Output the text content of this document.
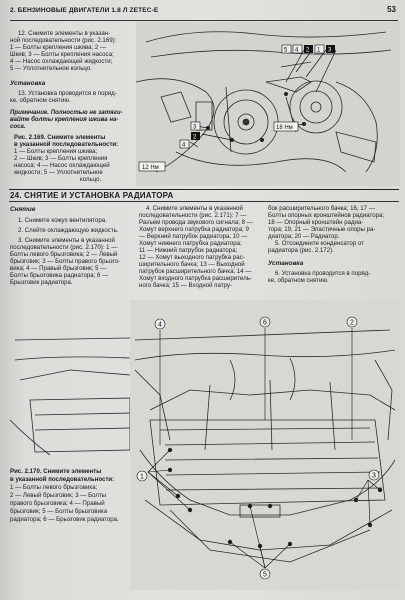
2. БЕНЗИНОВЫЕ ДВИГАТЕЛИ 1.8 Л ZETEC-E	53
12. Снимите элементы в указан-
ной последовательности (рис. 2.169):
1 — Болты крепления шкива; 2 —
Шкив; 3 — Болты крепления насоса;
4 — Насос охлаждающей жидкости;
5 — Уплотнительное кольцо.
Установка
13. Установка проводится в поряд-
ке, обратном снятию.
Примечание. Полностью не затяги-
вайте болты крепления шкива на-
coca.
Рис. 2.169. Снимите элементы
в указанной последовательности:
1 — Болты крепления шкива;
2 — Шкив; 3 — Болты крепления
насоса; 4 — Насос охлаждающей
жидкости; 5 — Уплотнительное
кольцо.
5 4 2 1 3
3
2
4
12 Нм
18 Нм
24. СНЯТИЕ И УСТАНОВКА РАДИАТОРА
Снятие
1. Снимите кожух вентилятора.
2. Слейте охлаждающую жидкость.
3. Снимите элементы в указанной
последовательности (рис. 2.170): 1 —
Болты левого брызговика; 2 — Левый
брызговик; 3 — Болты правого брызго-
вика; 4 — Правый брызговик; 5 —
Болты брызговика радиатора; 6 —
Брызговик радиатора.
4. Снимите элементы в указанной
последовательности (рис. 2.171): 7 —
Разъем провода звукового сигнала; 8 —
Хомут верхнего патрубка радиатора; 9
— Верхний патрубок радиатора; 10 —
Хомут нижнего патрубка радиатора;
11 — Нижний патрубок радиатора;
12 — Хомут выходного патрубка рас-
ширительного бачка; 13 — Выходной
патрубок расширительного бачка; 14 —
Хомут входного патрубка расширитель-
ного бачка; 15 — Входной патру-
бок расширительного бачка; 16, 17 —
Болты опорных кронштейнов радиатора;
18 — Опорный кронштейн радиа-
тора; 19, 21 — Эластичные опоры ра-
диатора; 20 — Радиатор.
5. Отсоедините конденсатор от
радиатора (рис. 2.172).
Установка
6. Установка проводится в поряд-
ке, обратном снятию.
4	6	2
1
5
3
Рис. 2.170. Снимите элементы
в указанной последовательности:
1 — Болты левого брызговика;
2 — Левый брызговик; 3 — Болты
правого брызговика; 4 — Правый
брызговик; 5 — Болты брызговика
радиатора; 6 — Брызговик радиатора.
